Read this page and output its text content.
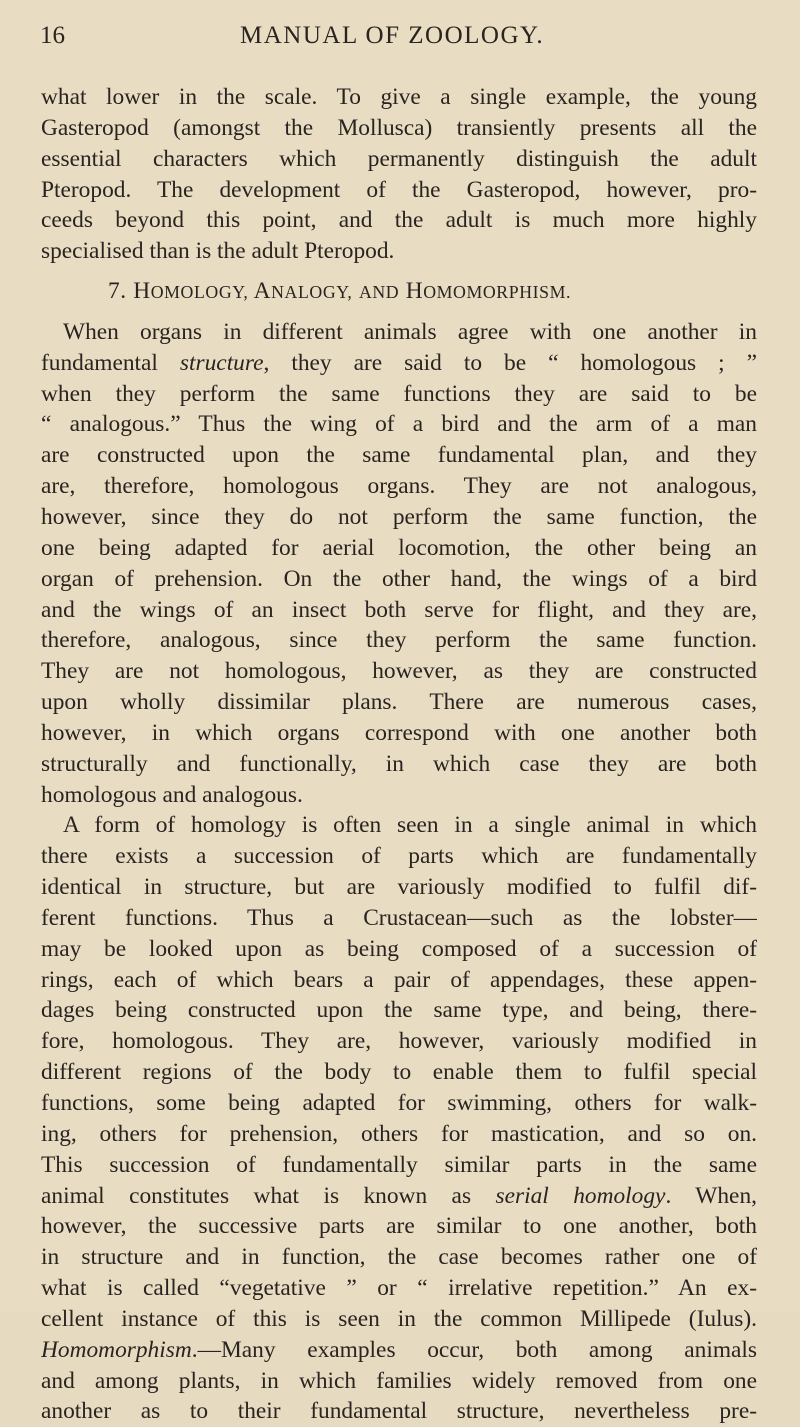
16	MANUAL OF ZOOLOGY.
what lower in the scale. To give a single example, the young
Gasteropod (amongst the Mollusca) transiently presents all the
essential characters which permanently distinguish the adult
Pteropod. The development of the Gasteropod, however, pro-
ceeds beyond this point, and the adult is much more highly
specialised than is the adult Pteropod.
7. HOMOLOGY, ANALOGY, AND HOMOMORPHISM.
When organs in different animals agree with one another in
fundamental structure, they are said to be “ homologous ; ”
when they perform the same functions they are said to be
“ analogous.” Thus the wing of a bird and the arm of a man
are constructed upon the same fundamental plan, and they
are, therefore, homologous organs. They are not analogous,
however, since they do not perform the same function, the
one being adapted for aerial locomotion, the other being an
organ of prehension. On the other hand, the wings of a bird
and the wings of an insect both serve for flight, and they are,
therefore, analogous, since they perform the same function.
They are not homologous, however, as they are constructed
upon wholly dissimilar plans. There are numerous cases,
however, in which organs correspond with one another both
structurally and functionally, in which case they are both
homologous and analogous.
A form of homology is often seen in a single animal in which
there exists a succession of parts which are fundamentally
identical in structure, but are variously modified to fulfil dif-
ferent functions. Thus a Crustacean—such as the lobster—
may be looked upon as being composed of a succession of
rings, each of which bears a pair of appendages, these appen-
dages being constructed upon the same type, and being, there-
fore, homologous. They are, however, variously modified in
different regions of the body to enable them to fulfil special
functions, some being adapted for swimming, others for walk-
ing, others for prehension, others for mastication, and so on.
This succession of fundamentally similar parts in the same
animal constitutes what is known as serial homology. When,
however, the successive parts are similar to one another, both
in structure and in function, the case becomes rather one of
what is called “vegetative ” or “ irrelative repetition.” An ex-
cellent instance of this is seen in the common Millipede (Iulus).
Homomorphism.—Many examples occur, both among animals
and among plants, in which families widely removed from one
another as to their fundamental structure, nevertheless pre-
